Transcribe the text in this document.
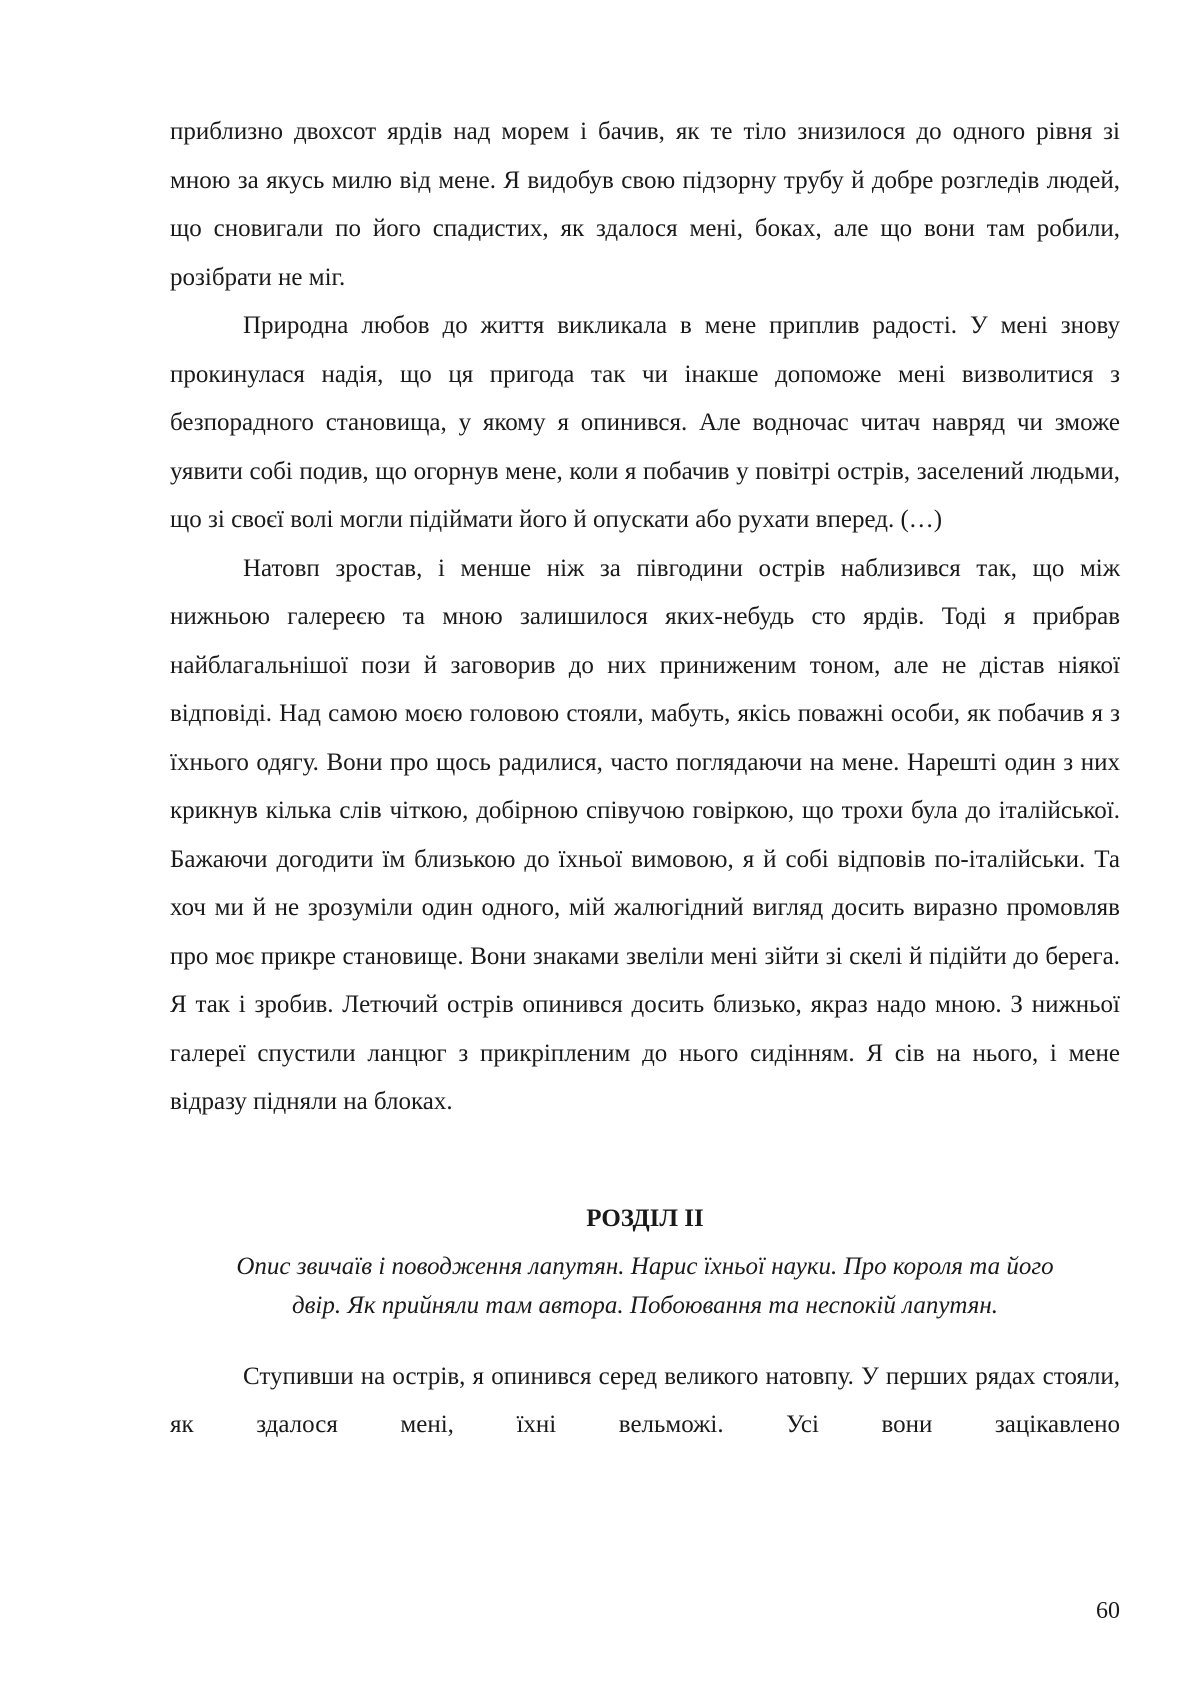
приблизно двохсот ярдів над морем і бачив, як те тіло знизилося до одного рівня зі мною за якусь милю від мене. Я видобув свою підзорну трубу й добре розгледів людей, що сновигали по його спадистих, як здалося мені, боках, але що вони там робили, розібрати не міг.

Природна любов до життя викликала в мене приплив радості. У мені знову прокинулася надія, що ця пригода так чи інакше допоможе мені визволитися з безпорадного становища, у якому я опинився. Але водночас читач навряд чи зможе уявити собі подив, що огорнув мене, коли я побачив у повітрі острів, заселений людьми, що зі своєї волі могли підіймати його й опускати або рухати вперед. (…)

Натовп зростав, і менше ніж за півгодини острів наблизився так, що між нижньою галереєю та мною залишилося яких-небудь сто ярдів. Тоді я прибрав найблагальнішої пози й заговорив до них приниженим тоном, але не дістав ніякої відповіді. Над самою моєю головою стояли, мабуть, якісь поважні особи, як побачив я з їхнього одягу. Вони про щось радилися, часто поглядаючи на мене. Нарешті один з них крикнув кілька слів чіткою, добірною співучою говіркою, що трохи була до італійської. Бажаючи догодити їм близькою до їхньої вимовою, я й собі відповів по-італійськи. Та хоч ми й не зрозуміли один одного, мій жалюгідний вигляд досить виразно промовляв про моє прикре становище. Вони знаками звеліли мені зійти зі скелі й підійти до берега. Я так і зробив. Летючий острів опинився досить близько, якраз надо мною. З нижньої галереї спустили ланцюг з прикріпленим до нього сидінням. Я сів на нього, і мене відразу підняли на блоках.

РОЗДІЛ ІІ

Опис звичаїв і поводження лапутян. Нарис їхньої науки. Про короля та його
двір. Як прийняли там автора. Побоювання та неспокій лапутян.

Ступивши на острів, я опинився серед великого натовпу. У перших рядах стояли, як здалося мені, їхні вельможі. Усі вони зацікавлено

60
